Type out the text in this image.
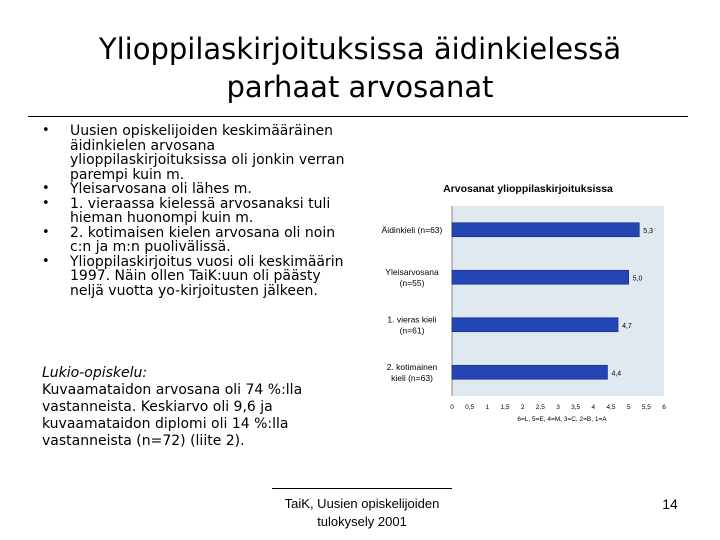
Ylioppilaskirjoituksissa äidinkielessä
parhaat arvosanat
• Uusien opiskelijoiden keskimääräinen äidinkielen arvosana ylioppilaskirjoituksissa oli jonkin verran parempi kuin m.
• Yleisarvosana oli lähes m.
• 1. vieraassa kielessä arvosanaksi tuli hieman huonompi kuin m.
• 2. kotimaisen kielen arvosana oli noin c:n ja m:n puolivälissä.
• Ylioppilaskirjoitus vuosi oli keskimäärin 1997. Näin ollen TaiK:uun oli päästy neljä vuotta yo-kirjoitusten jälkeen.
Lukio-opiskelu:
Kuvaamataidon arvosana oli 74 %:lla vastanneista. Keskiarvo oli 9,6 ja kuvaamataidon diplomi oli 14 %:lla vastanneista (n=72) (liite 2).
Arvosanat ylioppilaskirjoituksissa
Äidinkieli (n=63)
Yleisarvosana (n=55)
1. vieras kieli (n=61)
2. kotimainen kieli (n=63)
5,3
5,0
4,7
4,4
0 0,5 1 1,5 2 2,5 3 3,5 4 4,5 5 5,5 6
6=L, 5=E, 4=M, 3=C, 2=B, 1=A
TaiK, Uusien opiskelijoiden
tulokysely 2001
14
